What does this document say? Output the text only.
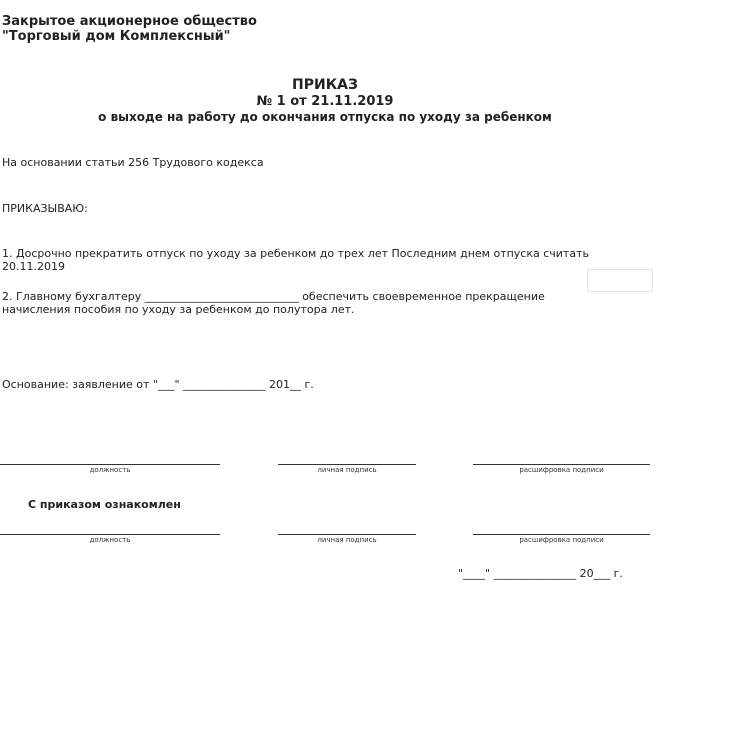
Закрытое акционерное общество
"Торговый дом Комплексный"
ПРИКАЗ
№ 1 от 21.11.2019
о выходе на работу до окончания отпуска по уходу за ребенком
На основании статьи 256 Трудового кодекса
ПРИКАЗЫВАЮ:
1. Досрочно прекратить отпуск по уходу за ребенком до трех лет Последним днем отпуска считать
20.11.2019
2. Главному бухгалтеру ____________________________ обеспечить своевременное прекращение
начисления пособия по уходу за ребенком до полутора лет.
Основание: заявление от "___" _______________ 201__ г.
должность	личная подпись	расшифровка подписи
С приказом ознакомлен
должность	личная подпись	расшифровка подписи
"____" _______________ 20___ г.
